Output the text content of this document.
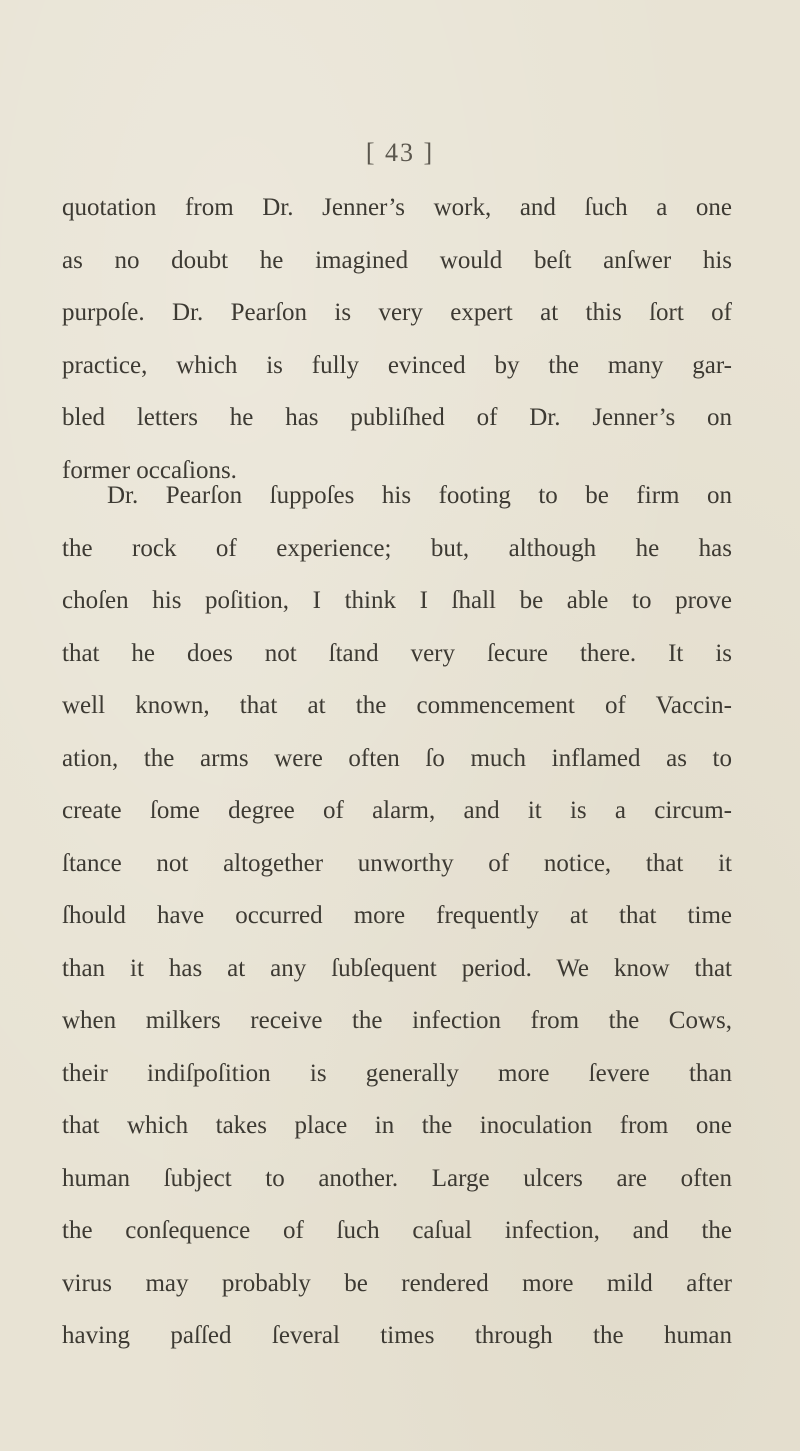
[ 43 ]
quotation from Dr. Jenner’s work, and ſuch a one
as no doubt he imagined would beſt anſwer his
purpoſe. Dr. Pearſon is very expert at this ſort of
practice, which is fully evinced by the many gar-
bled letters he has publiſhed of Dr. Jenner’s on
former occaſions.
Dr. Pearſon ſuppoſes his footing to be firm on
the rock of experience; but, although he has
choſen his poſition, I think I ſhall be able to prove
that he does not ſtand very ſecure there. It is
well known, that at the commencement of Vaccin-
ation, the arms were often ſo much inflamed as to
create ſome degree of alarm, and it is a circum-
ſtance not altogether unworthy of notice, that it
ſhould have occurred more frequently at that time
than it has at any ſubſequent period. We know that
when milkers receive the infection from the Cows,
their indiſpoſition is generally more ſevere than
that which takes place in the inoculation from one
human ſubject to another. Large ulcers are often
the conſequence of ſuch caſual infection, and the
virus may probably be rendered more mild after
having paſſed ſeveral times through the human
